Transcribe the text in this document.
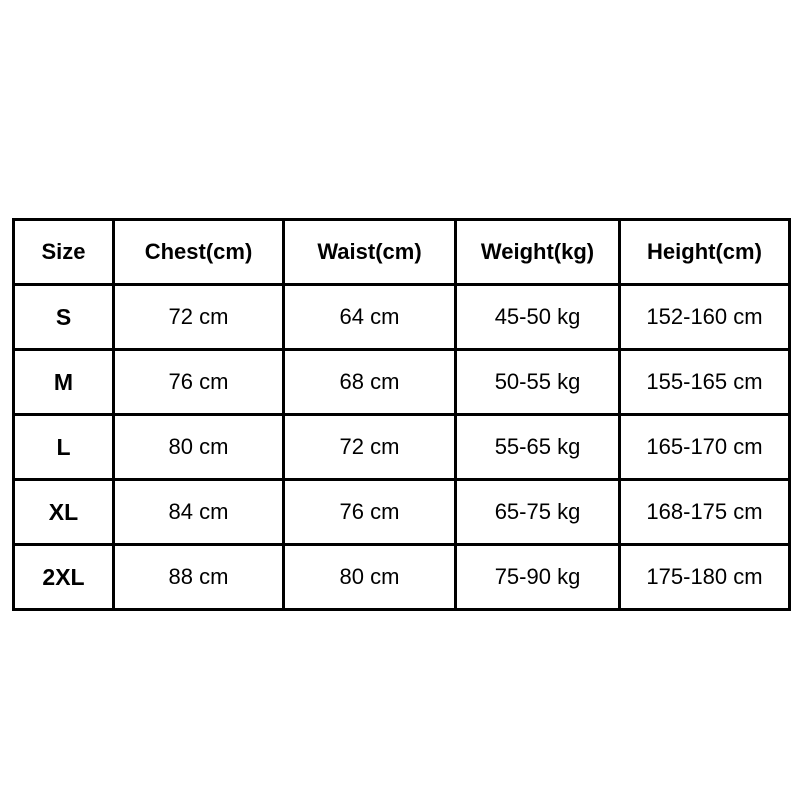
Size	Chest(cm)	Waist(cm)	Weight(kg)	Height(cm)
S	72 cm	64 cm	45-50 kg	152-160 cm
M	76 cm	68 cm	50-55 kg	155-165 cm
L	80 cm	72 cm	55-65 kg	165-170 cm
XL	84 cm	76 cm	65-75 kg	168-175 cm
2XL	88 cm	80 cm	75-90 kg	175-180 cm
